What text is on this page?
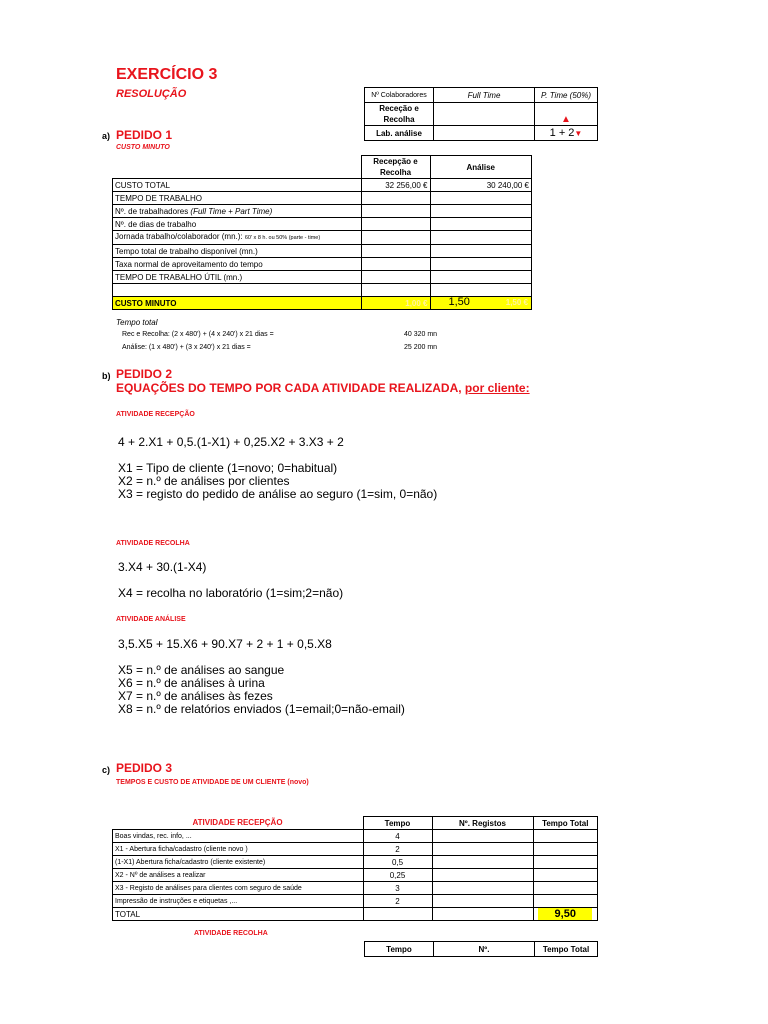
EXERCÍCIO 3
RESOLUÇÃO	Nº Colaboradores	Full Time	P. Time (50%)
Receção e Recolha		▲
Lab. análise		1 + 2▼
a) PEDIDO 1
CUSTO MINUTO
	Recepção e Recolha	Análise
CUSTO TOTAL	32 256,00 €	30 240,00 €
TEMPO DE TRABALHO		
Nº. de trabalhadores (Full Time + Part Time)		
Nº. de dias de trabalho		
Jornada trabalho/colaborador (mn.): 60' x 8 h. ou 50% (parte - time)		
Tempo total de trabalho disponível (mn.)		
Taxa normal de aproveitamento do tempo		
TEMPO DE TRABALHO ÚTIL (mn.)		

CUSTO MINUTO	1,00 €	1,50 1,50 €
Tempo total
Rec e Recolha: (2 x 480') + (4 x 240') x 21 dias =	40 320 mn
Análise: (1 x 480') + (3 x 240') x 21 dias =	25 200 mn
b) PEDIDO 2
EQUAÇÕES DO TEMPO POR CADA ATIVIDADE REALIZADA, por cliente:
ATIVIDADE RECEPÇÃO
4 + 2.X1 + 0,5.(1-X1) + 0,25.X2 + 3.X3 + 2
X1 = Tipo de cliente (1=novo; 0=habitual)
X2 = n.º de análises por clientes
X3 = registo do pedido de análise ao seguro (1=sim, 0=não)
ATIVIDADE RECOLHA
3.X4 + 30.(1-X4)
X4 = recolha no laboratório (1=sim;2=não)
ATIVIDADE ANÁLISE
3,5.X5 + 15.X6 + 90.X7 + 2 + 1 + 0,5.X8
X5 = n.º de análises ao sangue
X6 = n.º de análises à urina
X7 = n.º de análises às fezes
X8 = n.º de relatórios enviados (1=email;0=não-email)
c) PEDIDO 3
TEMPOS E CUSTO DE ATIVIDADE DE UM CLIENTE (novo)
ATIVIDADE RECEPÇÃO	Tempo	Nº. Registos	Tempo Total
Boas vindas, rec. info, ...	4		
X1 - Abertura ficha/cadastro (cliente novo )	2		
(1-X1) Abertura ficha/cadastro (cliente existente)	0,5		
X2 - Nº de análises a realizar	0,25		
X3 - Registo de análises para clientes com seguro de saúde	3		
Impressão de instruções e etiquetas ,...	2		
TOTAL			9,50
ATIVIDADE RECOLHA
Tempo	Nº.	Tempo Total
